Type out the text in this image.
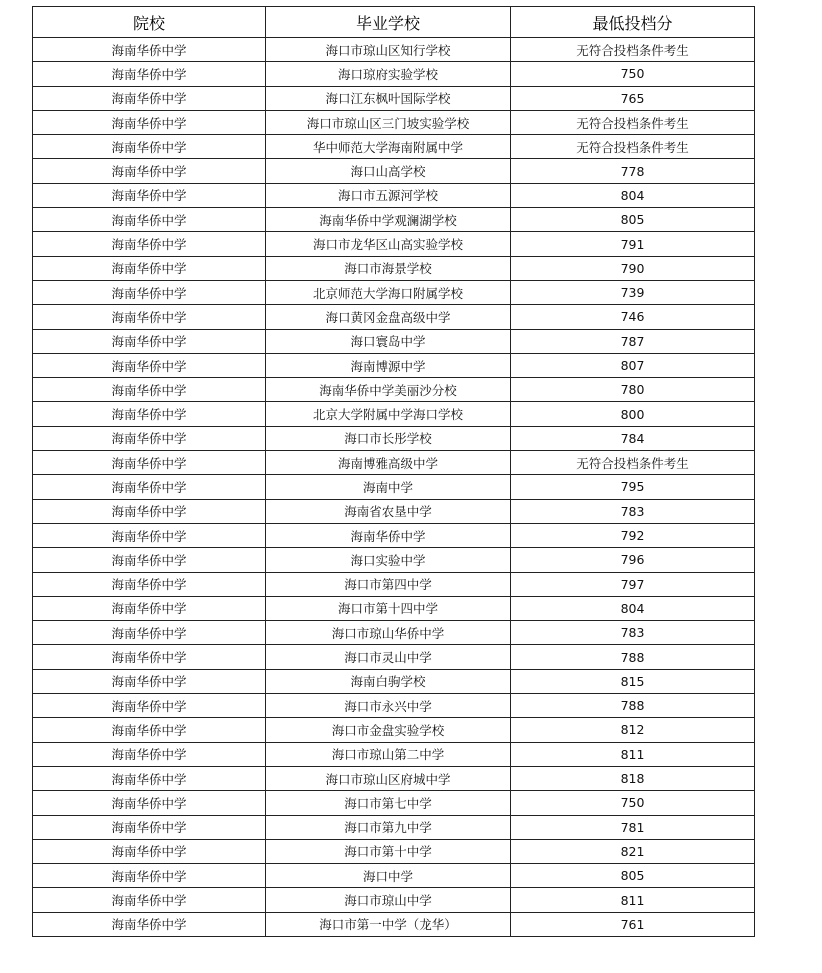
院校	毕业学校	最低投档分
海南华侨中学	海口市琼山区知行学校	无符合投档条件考生
海南华侨中学	海口琼府实验学校	750
海南华侨中学	海口江东枫叶国际学校	765
海南华侨中学	海口市琼山区三门坡实验学校	无符合投档条件考生
海南华侨中学	华中师范大学海南附属中学	无符合投档条件考生
海南华侨中学	海口山高学校	778
海南华侨中学	海口市五源河学校	804
海南华侨中学	海南华侨中学观澜湖学校	805
海南华侨中学	海口市龙华区山高实验学校	791
海南华侨中学	海口市海景学校	790
海南华侨中学	北京师范大学海口附属学校	739
海南华侨中学	海口黄冈金盘高级中学	746
海南华侨中学	海口寰岛中学	787
海南华侨中学	海南博源中学	807
海南华侨中学	海南华侨中学美丽沙分校	780
海南华侨中学	北京大学附属中学海口学校	800
海南华侨中学	海口市长彤学校	784
海南华侨中学	海南博雅高级中学	无符合投档条件考生
海南华侨中学	海南中学	795
海南华侨中学	海南省农垦中学	783
海南华侨中学	海南华侨中学	792
海南华侨中学	海口实验中学	796
海南华侨中学	海口市第四中学	797
海南华侨中学	海口市第十四中学	804
海南华侨中学	海口市琼山华侨中学	783
海南华侨中学	海口市灵山中学	788
海南华侨中学	海南白驹学校	815
海南华侨中学	海口市永兴中学	788
海南华侨中学	海口市金盘实验学校	812
海南华侨中学	海口市琼山第二中学	811
海南华侨中学	海口市琼山区府城中学	818
海南华侨中学	海口市第七中学	750
海南华侨中学	海口市第九中学	781
海南华侨中学	海口市第十中学	821
海南华侨中学	海口中学	805
海南华侨中学	海口市琼山中学	811
海南华侨中学	海口市第一中学（龙华）	761
